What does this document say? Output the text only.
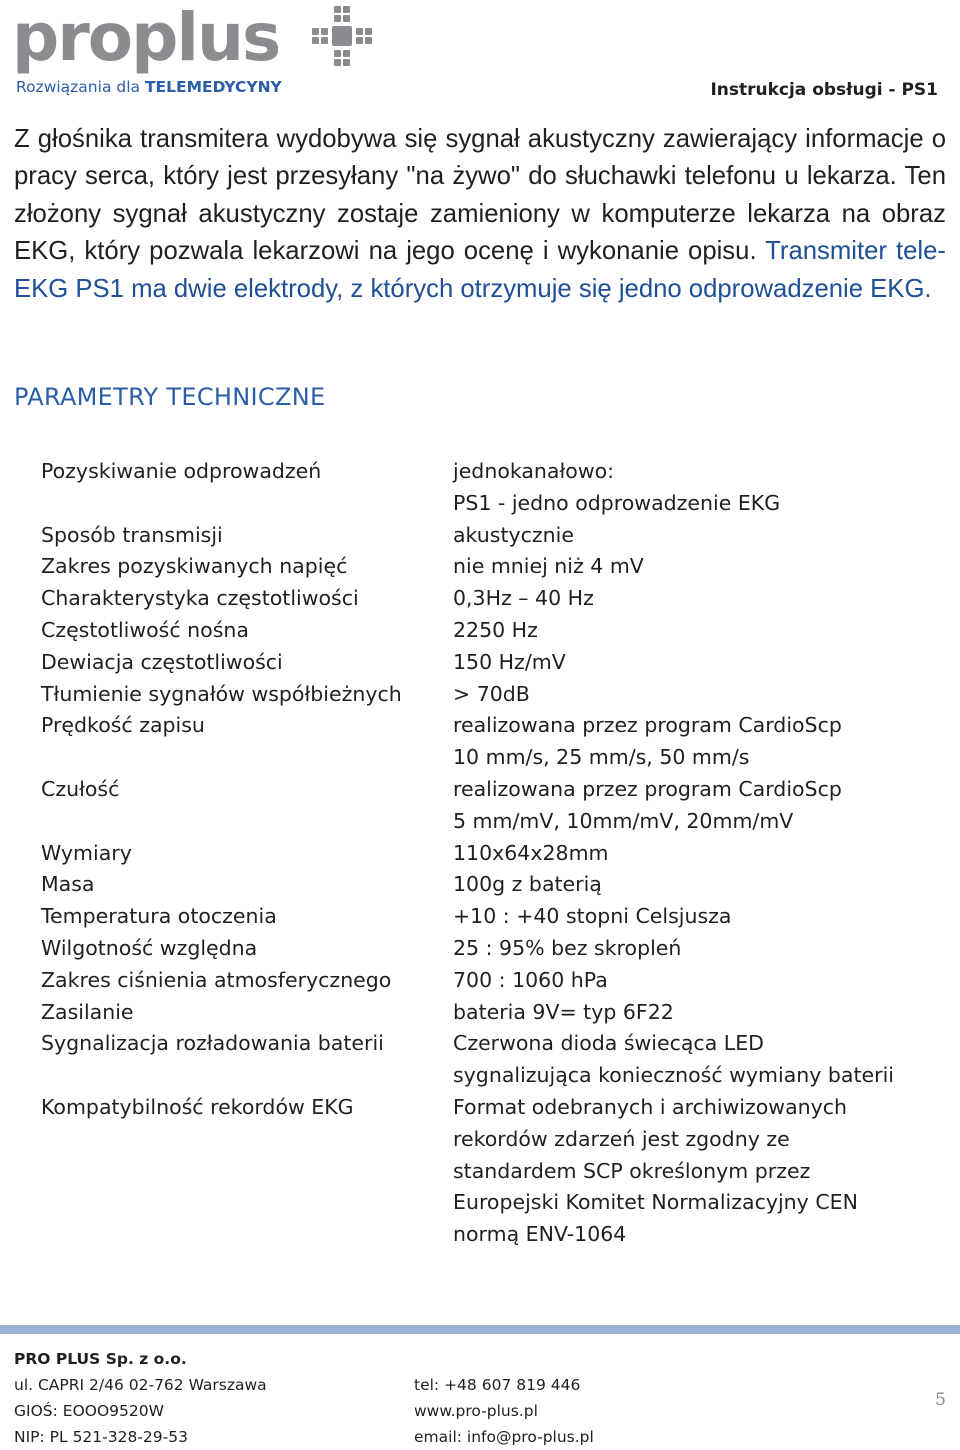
proplus
Rozwiązania dla TELEMEDYCYNY	Instrukcja obsługi - PS1

Z głośnika transmitera wydobywa się sygnał akustyczny zawierający informacje o pracy serca, który jest przesyłany "na żywo" do słuchawki telefonu u lekarza. Ten złożony sygnał akustyczny zostaje zamieniony w komputerze lekarza na obraz EKG, który pozwala lekarzowi na jego ocenę i wykonanie opisu. Transmiter tele-EKG PS1 ma dwie elektrody, z których otrzymuje się jedno odprowadzenie EKG.

PARAMETRY TECHNICZNE
Pozyskiwanie odprowadzeń	jednokanałowo:
PS1 - jedno odprowadzenie EKG
Sposób transmisji	akustycznie
Zakres pozyskiwanych napięć	nie mniej niż 4 mV
Charakterystyka częstotliwości	0,3Hz – 40 Hz
Częstotliwość nośna	2250 Hz
Dewiacja częstotliwości	150 Hz/mV
Tłumienie sygnałów współbieżnych	> 70dB
Prędkość zapisu	realizowana przez program CardioScp
10 mm/s, 25 mm/s, 50 mm/s
Czułość	realizowana przez program CardioScp
5 mm/mV, 10mm/mV, 20mm/mV
Wymiary	110x64x28mm
Masa	100g z baterią
Temperatura otoczenia	+10 : +40 stopni Celsjusza
Wilgotność względna	25 : 95% bez skropleń
Zakres ciśnienia atmosferycznego	700 : 1060 hPa
Zasilanie	bateria 9V= typ 6F22
Sygnalizacja rozładowania baterii	Czerwona dioda świecąca LED
sygnalizująca konieczność wymiany baterii
Kompatybilność rekordów EKG	Format odebranych i archiwizowanych
rekordów zdarzeń jest zgodny ze
standardem SCP określonym przez
Europejski Komitet Normalizacyjny CEN
normą ENV-1064
PRO PLUS Sp. z o.o.
ul. CAPRI 2/46 02-762 Warszawa
GIOŚ: EOOO9520W
NIP: PL 521-328-29-53
tel: +48 607 819 446
www.pro-plus.pl
email: info@pro-plus.pl
5
